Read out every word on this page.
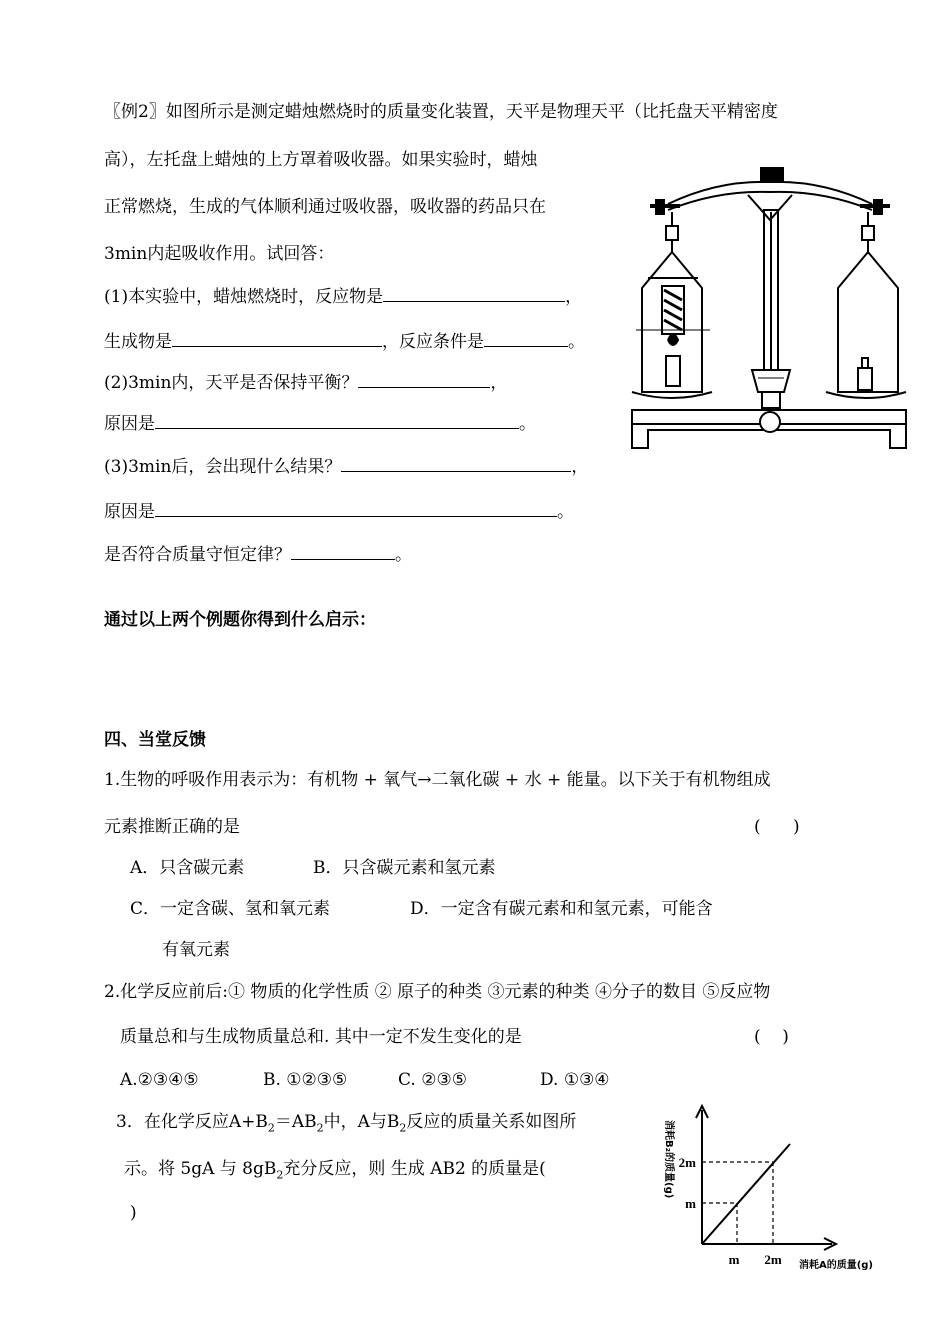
〖例2〗如图所示是测定蜡烛燃烧时的质量变化装置，天平是物理天平（比托盘天平精密度
高），左托盘上蜡烛的上方罩着吸收器。如果实验时，蜡烛
正常燃烧，生成的气体顺利通过吸收器，吸收器的药品只在
3min内起吸收作用。试回答：
(1)本实验中，蜡烛燃烧时，反应物是	，
生成物是	，反应条件是	。
(2)3min内，天平是否保持平衡？	，
原因是	。
(3)3min后，会出现什么结果？	，
原因是	。
是否符合质量守恒定律？	。
通过以上两个例题你得到什么启示：
四、当堂反馈
1.生物的呼吸作用表示为：有机物 + 氧气→二氧化碳 + 水 + 能量。以下关于有机物组成
元素推断正确的是	(      )
A．只含碳元素	B．只含碳元素和氢元素
C．一定含碳、氢和氧元素	D．一定含有碳元素和和氢元素，可能含
有氧元素
2.化学反应前后:① 物质的化学性质 ② 原子的种类 ③元素的种类 ④分子的数目 ⑤反应物
质量总和与生成物质量总和. 其中一定不发生变化的是	(    )
A.②③④⑤	B. ①②③⑤	C. ②③⑤	D. ①③④
3．在化学反应$A+B_2=AB_2$中，A与$B_2$反应的质量关系如图所
示。将 5gA 与 $8gB_2$充分反应，则 生成 AB2 的质量是(
)
2m
m
m 2m 消耗A的质量(g)
消耗B₂的质量(g)
